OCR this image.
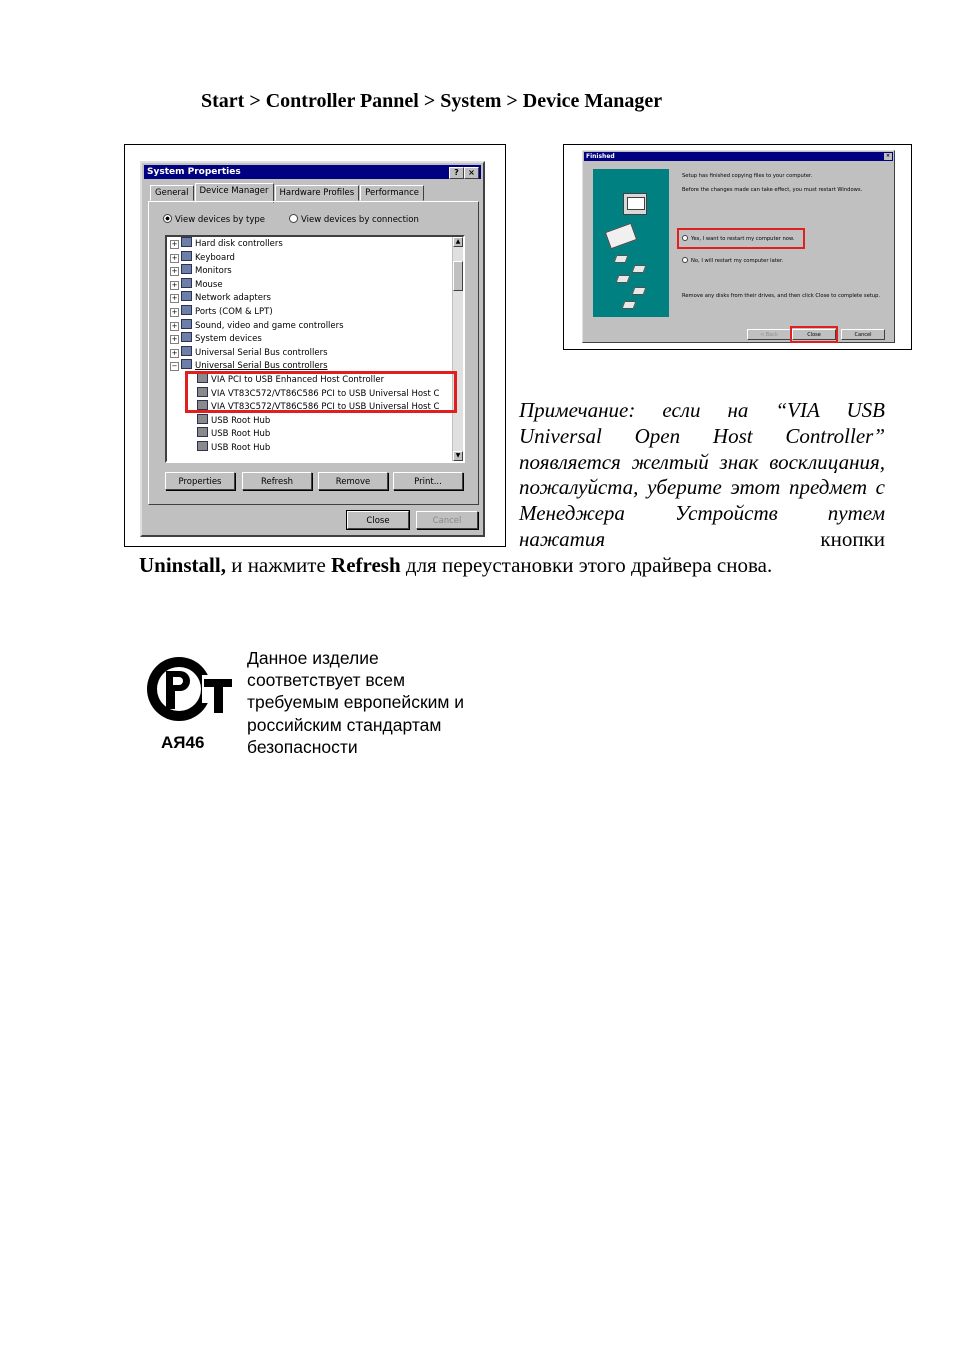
Start > Controller Pannel > System > Device Manager
System Properties	?	×
General	Device Manager	Hardware Profiles	Performance
View devices by type	View devices by connection
+ Hard disk controllers
+ Keyboard
+ Monitors
+ Mouse
+ Network adapters
+ Ports (COM & LPT)
+ Sound, video and game controllers
+ System devices
+ Universal Serial Bus controllers
− Universal Serial Bus controllers
VIA PCI to USB Enhanced Host Controller
VIA VT83C572/VT86C586 PCI to USB Universal Host C
VIA VT83C572/VT86C586 PCI to USB Universal Host C
USB Root Hub
USB Root Hub
USB Root Hub
▲
▼
Properties	Refresh	Remove	Print...
Close	Cancel
Finished	×
Setup has finished copying files to your computer.
Before the changes made can take effect, you must restart Windows.
Yes, I want to restart my computer now.
No, I will restart my computer later.
Remove any disks from their drives, and then click Close to complete setup.
< Back	Close	Cancel
Примечание: если на “VIA USB Universal Open Host Controller” появляется желтый знак восклицания, пожалуйста, уберите этот предмет с Менеджера Устройств путем нажатия кнопки
Uninstall, и нажмите Refresh для переустановки этого драйвера снова.
АЯ46
Данное изделие
соответствует всем
требуемым европейским и
российским стандартам
безопасности
